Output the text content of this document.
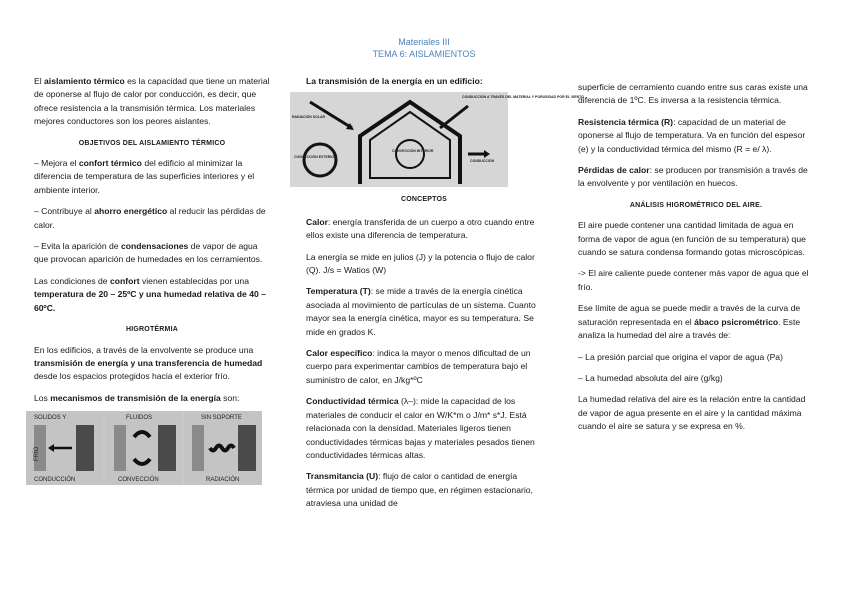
Materiales III
TEMA 6: AISLAMIENTOS

El aislamiento térmico es la capacidad que tiene un material de oponerse al flujo de calor por conducción, es decir, que ofrece resistencia a la transmisión térmica. Los materiales mejores conductores son los peores aislantes.

OBJETIVOS DEL AISLAMIENTO TÉRMICO

– Mejora el confort térmico del edificio al minimizar la diferencia de temperatura de las superficies interiores y el ambiente interior.

– Contribuye al ahorro energético al reducir las pérdidas de calor.

– Evita la aparición de condensaciones de vapor de agua que provocan aparición de humedades en los cerramientos.

Las condiciones de confort vienen establecidas por una temperatura de 20 – 25ºC y una humedad relativa de 40 – 60ºC.

HIGROTÉRMIA

En los edificios, a través de la envolvente se produce una transmisión de energía y una transferencia de humedad desde los espacios protegidos hacia el exterior frío.

Los mecanismos de transmisión de la energía son:

SOLIDOS Y	FLUIDOS	SIN SOPORTE
FRÍO
CONDUCCIÓN	CONVECCIÓN	RADIACIÓN

La transmisión de la energía en un edificio:

CONDUCCIÓN A TRAVÉS DEL MATERIAL Y PORUSIDAD POR EL VIENTO
RADIACIÓN SOLAR
CONVECCIÓN INTERIOR
CONVECCIÓN EXTERIOR
CONDUCCIÓN
CONCEPTOS

Calor: energía transferida de un cuerpo a otro cuando entre ellos existe una diferencia de temperatura.

La energía se mide en julios (J) y la potencia o flujo de calor (Q). J/s = Watios (W)

Temperatura (T): se mide a través de la energía cinética asociada al movimiento de partículas de un sistema. Cuanto mayor sea la energía cinética, mayor es su temperatura. Se mide en grados K.

Calor específico: indica la mayor o menos dificultad de un cuerpo para experimentar cambios de temperatura bajo el suministro de calor, en J/kg*ºC

Conductividad térmica (λ–): mide la capacidad de los materiales de conducir el calor en W/K*m o J/m* s*J. Está relacionada con la densidad. Materiales ligeros tienen conductividades térmicas bajas y materiales pesados tienen conductividades térmicas altas.

Transmitancia (U): flujo de calor o cantidad de energía térmica por unidad de tiempo que, en régimen estacionario, atraviesa una unidad de

superficie de cerramiento cuando entre sus caras existe una diferencia de 1ºC. Es inversa a la resistencia térmica.

Resistencia térmica (R): capacidad de un material de oponerse al flujo de temperatura. Va en función del espesor (e) y la conductividad térmica del mismo (R = e/ λ).

Pérdidas de calor: se producen por transmisión a través de la envolvente y por ventilación en huecos.

ANÁLISIS HIGROMÉTRICO DEL AIRE.

El aire puede contener una cantidad limitada de agua en forma de vapor de agua (en función de su temperatura) que cuando se satura condensa formando gotas microscópicas.

-> El aire caliente puede contener más vapor de agua que el frío.

Ese límite de agua se puede medir a través de la curva de saturación representada en el ábaco psicrométrico. Este analiza la humedad del aire a través de:

– La presión parcial que origina el vapor de agua (Pa)

– La humedad absoluta del aire (g/kg)

La humedad relativa del aire es la relación entre la cantidad de vapor de agua presente en el aire y la cantidad máxima cuando el aire se satura y se expresa en %.
